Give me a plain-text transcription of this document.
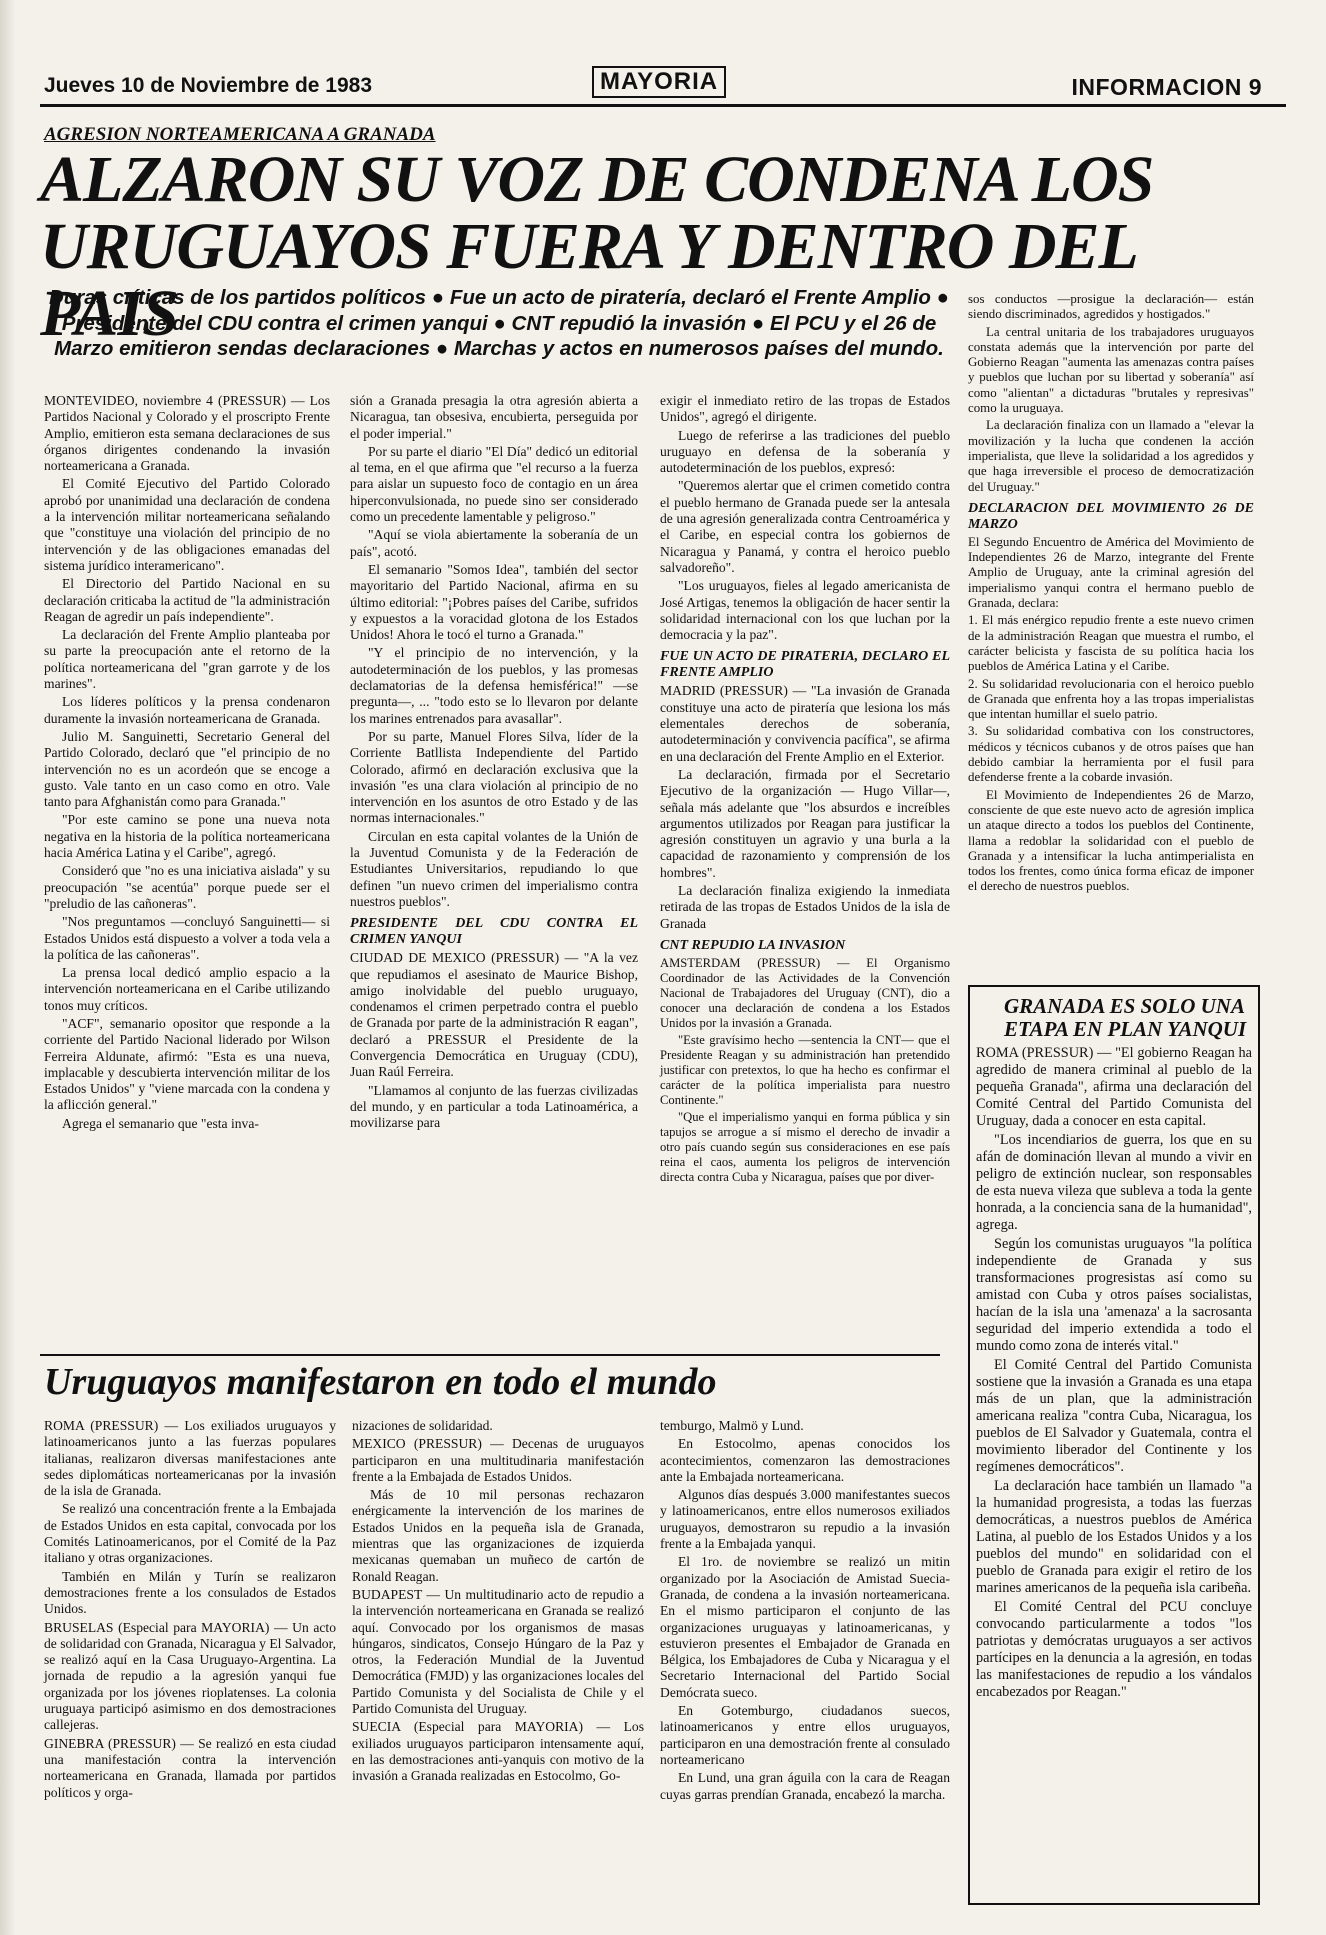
Jueves 10 de Noviembre de 1983	MAYORIA	INFORMACION 9
AGRESION NORTEAMERICANA A GRANADA
ALZARON SU VOZ DE CONDENA LOS URUGUAYOS FUERA Y DENTRO DEL PAIS
Duras críticas de los partidos políticos ● Fue un acto de piratería, declaró el Frente Amplio ● Presidente del CDU contra el crimen yanqui ● CNT repudió la invasión ● El PCU y el 26 de Marzo emitieron sendas declaraciones ● Marchas y actos en numerosos países del mundo.

MONTEVIDEO, noviembre 4 (PRESSUR) — Los Partidos Nacional y Colorado y el proscripto Frente Amplio, emitieron esta semana declaraciones de sus órganos dirigentes condenando la invasión norteamericana a Granada.

El Comité Ejecutivo del Partido Colorado aprobó por unanimidad una declaración de condena a la intervención militar norteamericana señalando que "constituye una violación del principio de no intervención y de las obligaciones emanadas del sistema jurídico interamericano".

El Directorio del Partido Nacional en su declaración criticaba la actitud de "la administración Reagan de agredir un país independiente".

La declaración del Frente Amplio planteaba por su parte la preocupación ante el retorno de la política norteamericana del "gran garrote y de los marines".

Los líderes políticos y la prensa condenaron duramente la invasión norteamericana de Granada.

Julio M. Sanguinetti, Secretario General del Partido Colorado, declaró que "el principio de no intervención no es un acordeón que se encoge a gusto. Vale tanto en un caso como en otro. Vale tanto para Afghanistán como para Granada."

"Por este camino se pone una nueva nota negativa en la historia de la política norteamericana hacia América Latina y el Caribe", agregó.

Consideró que "no es una iniciativa aislada" y su preocupación "se acentúa" porque puede ser el "preludio de las cañoneras".

"Nos preguntamos —concluyó Sanguinetti— si Estados Unidos está dispuesto a volver a toda vela a la política de las cañoneras".

La prensa local dedicó amplio espacio a la intervención norteamericana en el Caribe utilizando tonos muy críticos.

"ACF", semanario opositor que responde a la corriente del Partido Nacional liderado por Wilson Ferreira Aldunate, afirmó: "Esta es una nueva, implacable y descubierta intervención militar de los Estados Unidos" y "viene marcada con la condena y la aflicción general."

Agrega el semanario que "esta inva-

sión a Granada presagia la otra agresión abierta a Nicaragua, tan obsesiva, encubierta, perseguida por el poder imperial."

Por su parte el diario "El Día" dedicó un editorial al tema, en el que afirma que "el recurso a la fuerza para aislar un supuesto foco de contagio en un área hiperconvulsionada, no puede sino ser considerado como un precedente lamentable y peligroso."

"Aquí se viola abiertamente la soberanía de un país", acotó.

El semanario "Somos Idea", también del sector mayoritario del Partido Nacional, afirma en su último editorial: "¡Pobres países del Caribe, sufridos y expuestos a la voracidad glotona de los Estados Unidos! Ahora le tocó el turno a Granada."

"Y el principio de no intervención, y la autodeterminación de los pueblos, y las promesas declamatorias de la defensa hemisférica!" —se pregunta—, ... "todo esto se lo llevaron por delante los marines entrenados para avasallar".

Por su parte, Manuel Flores Silva, líder de la Corriente Batllista Independiente del Partido Colorado, afirmó en declaración exclusiva que la invasión "es una clara violación al principio de no intervención en los asuntos de otro Estado y de las normas internacionales."

Circulan en esta capital volantes de la Unión de la Juventud Comunista y de la Federación de Estudiantes Universitarios, repudiando lo que definen "un nuevo crimen del imperialismo contra nuestros pueblos".

PRESIDENTE DEL CDU CONTRA EL CRIMEN YANQUI

CIUDAD DE MEXICO (PRESSUR) — "A la vez que repudiamos el asesinato de Maurice Bishop, amigo inolvidable del pueblo uruguayo, condenamos el crimen perpetrado contra el pueblo de Granada por parte de la administración R eagan", declaró a PRESSUR el Presidente de la Convergencia Democrática en Uruguay (CDU), Juan Raúl Ferreira.

"Llamamos al conjunto de las fuerzas civilizadas del mundo, y en particular a toda Latinoamérica, a movilizarse para

exigir el inmediato retiro de las tropas de Estados Unidos", agregó el dirigente.

Luego de referirse a las tradiciones del pueblo uruguayo en defensa de la soberanía y autodeterminación de los pueblos, expresó:

"Queremos alertar que el crimen cometido contra el pueblo hermano de Granada puede ser la antesala de una agresión generalizada contra Centroamérica y el Caribe, en especial contra los gobiernos de Nicaragua y Panamá, y contra el heroico pueblo salvadoreño".

"Los uruguayos, fieles al legado americanista de José Artigas, tenemos la obligación de hacer sentir la solidaridad internacional con los que luchan por la democracia y la paz".

FUE UN ACTO DE PIRATERIA, DECLARO EL FRENTE AMPLIO

MADRID (PRESSUR) — "La invasión de Granada constituye una acto de piratería que lesiona los más elementales derechos de soberanía, autodeterminación y convivencia pacífica", se afirma en una declaración del Frente Amplio en el Exterior.

La declaración, firmada por el Secretario Ejecutivo de la organización — Hugo Villar—, señala más adelante que "los absurdos e increíbles argumentos utilizados por Reagan para justificar la agresión constituyen un agravio y una burla a la capacidad de razonamiento y comprensión de los hombres".

La declaración finaliza exigiendo la inmediata retirada de las tropas de Estados Unidos de la isla de Granada

CNT REPUDIO LA INVASION

AMSTERDAM (PRESSUR) — El Organismo Coordinador de las Actividades de la Convención Nacional de Trabajadores del Uruguay (CNT), dio a conocer una declaración de condena a los Estados Unidos por la invasión a Granada.

"Este gravísimo hecho —sentencia la CNT— que el Presidente Reagan y su administración han pretendido justificar con pretextos, lo que ha hecho es confirmar el carácter de la política imperialista para nuestro Continente."

"Que el imperialismo yanqui en forma pública y sin tapujos se arrogue a sí mismo el derecho de invadir a otro país cuando según sus consideraciones en ese país reina el caos, aumenta los peligros de intervención directa contra Cuba y Nicaragua, países que por diver-

sos conductos —prosigue la declaración— están siendo discriminados, agredidos y hostigados."

La central unitaria de los trabajadores uruguayos constata además que la intervención por parte del Gobierno Reagan "aumenta las amenazas contra países y pueblos que luchan por su libertad y soberanía" así como "alientan" a dictaduras "brutales y represivas" como la uruguaya.

La declaración finaliza con un llamado a "elevar la movilización y la lucha que condenen la acción imperialista, que lleve la solidaridad a los agredidos y que haga irreversible el proceso de democratización del Uruguay."

DECLARACION DEL MOVIMIENTO 26 DE MARZO

El Segundo Encuentro de América del Movimiento de Independientes 26 de Marzo, integrante del Frente Amplio de Uruguay, ante la criminal agresión del imperialismo yanqui contra el hermano pueblo de Granada, declara:

1. El más enérgico repudio frente a este nuevo crimen de la administración Reagan que muestra el rumbo, el carácter belicista y fascista de su política hacia los pueblos de América Latina y el Caribe.

2. Su solidaridad revolucionaria con el heroico pueblo de Granada que enfrenta hoy a las tropas imperialistas que intentan humillar el suelo patrio.

3. Su solidaridad combativa con los constructores, médicos y técnicos cubanos y de otros países que han debido cambiar la herramienta por el fusil para defenderse frente a la cobarde invasión.

El Movimiento de Independientes 26 de Marzo, consciente de que este nuevo acto de agresión implica un ataque directo a todos los pueblos del Continente, llama a redoblar la solidaridad con el pueblo de Granada y a intensificar la lucha antimperialista en todos los frentes, como única forma eficaz de imponer el derecho de nuestros pueblos.

GRANADA ES SOLO UNA ETAPA EN PLAN YANQUI

ROMA (PRESSUR) — "El gobierno Reagan ha agredido de manera criminal al pueblo de la pequeña Granada", afirma una declaración del Comité Central del Partido Comunista del Uruguay, dada a conocer en esta capital.

"Los incendiarios de guerra, los que en su afán de dominación llevan al mundo a vivir en peligro de extinción nuclear, son responsables de esta nueva vileza que subleva a toda la gente honrada, a la conciencia sana de la humanidad", agrega.

Según los comunistas uruguayos "la política independiente de Granada y sus transformaciones progresistas así como su amistad con Cuba y otros países socialistas, hacían de la isla una 'amenaza' a la sacrosanta seguridad del imperio extendida a todo el mundo como zona de interés vital."

El Comité Central del Partido Comunista sostiene que la invasión a Granada es una etapa más de un plan, que la administración americana realiza "contra Cuba, Nicaragua, los pueblos de El Salvador y Guatemala, contra el movimiento liberador del Continente y los regímenes democráticos".

La declaración hace también un llamado "a la humanidad progresista, a todas las fuerzas democráticas, a nuestros pueblos de América Latina, al pueblo de los Estados Unidos y a los pueblos del mundo" en solidaridad con el pueblo de Granada para exigir el retiro de los marines americanos de la pequeña isla caribeña.

El Comité Central del PCU concluye convocando particularmente a todos "los patriotas y demócratas uruguayos a ser activos partícipes en la denuncia a la agresión, en todas las manifestaciones de repudio a los vándalos encabezados por Reagan."

Uruguayos manifestaron en todo el mundo

ROMA (PRESSUR) — Los exiliados uruguayos y latinoamericanos junto a las fuerzas populares italianas, realizaron diversas manifestaciones ante sedes diplomáticas norteamericanas por la invasión de la isla de Granada.

Se realizó una concentración frente a la Embajada de Estados Unidos en esta capital, convocada por los Comités Latinoamericanos, por el Comité de la Paz italiano y otras organizaciones.

También en Milán y Turín se realizaron demostraciones frente a los consulados de Estados Unidos.

BRUSELAS (Especial para MAYORIA) — Un acto de solidaridad con Granada, Nicaragua y El Salvador, se realizó aquí en la Casa Uruguayo-Argentina. La jornada de repudio a la agresión yanqui fue organizada por los jóvenes rioplatenses. La colonia uruguaya participó asimismo en dos demostraciones callejeras.

GINEBRA (PRESSUR) — Se realizó en esta ciudad una manifestación contra la intervención norteamericana en Granada, llamada por partidos políticos y orga-

nizaciones de solidaridad.

MEXICO (PRESSUR) — Decenas de uruguayos participaron en una multitudinaria manifestación frente a la Embajada de Estados Unidos.

Más de 10 mil personas rechazaron enérgicamente la intervención de los marines de Estados Unidos en la pequeña isla de Granada, mientras que las organizaciones de izquierda mexicanas quemaban un muñeco de cartón de Ronald Reagan.

BUDAPEST — Un multitudinario acto de repudio a la intervención norteamericana en Granada se realizó aquí. Convocado por los organismos de masas húngaros, sindicatos, Consejo Húngaro de la Paz y otros, la Federación Mundial de la Juventud Democrática (FMJD) y las organizaciones locales del Partido Comunista y del Socialista de Chile y el Partido Comunista del Uruguay.

SUECIA (Especial para MAYORIA) — Los exiliados uruguayos participaron intensamente aquí, en las demostraciones anti-yanquis con motivo de la invasión a Granada realizadas en Estocolmo, Go-

temburgo, Malmö y Lund.

En Estocolmo, apenas conocidos los acontecimientos, comenzaron las demostraciones ante la Embajada norteamericana.

Algunos días después 3.000 manifestantes suecos y latinoamericanos, entre ellos numerosos exiliados uruguayos, demostraron su repudio a la invasión frente a la Embajada yanqui.

El 1ro. de noviembre se realizó un mitin organizado por la Asociación de Amistad Suecia-Granada, de condena a la invasión norteamericana. En el mismo participaron el conjunto de las organizaciones uruguayas y latinoamericanas, y estuvieron presentes el Embajador de Granada en Bélgica, los Embajadores de Cuba y Nicaragua y el Secretario Internacional del Partido Social Demócrata sueco.

En Gotemburgo, ciudadanos suecos, latinoamericanos y entre ellos uruguayos, participaron en una demostración frente al consulado norteamericano

En Lund, una gran águila con la cara de Reagan cuyas garras prendían Granada, encabezó la marcha.
